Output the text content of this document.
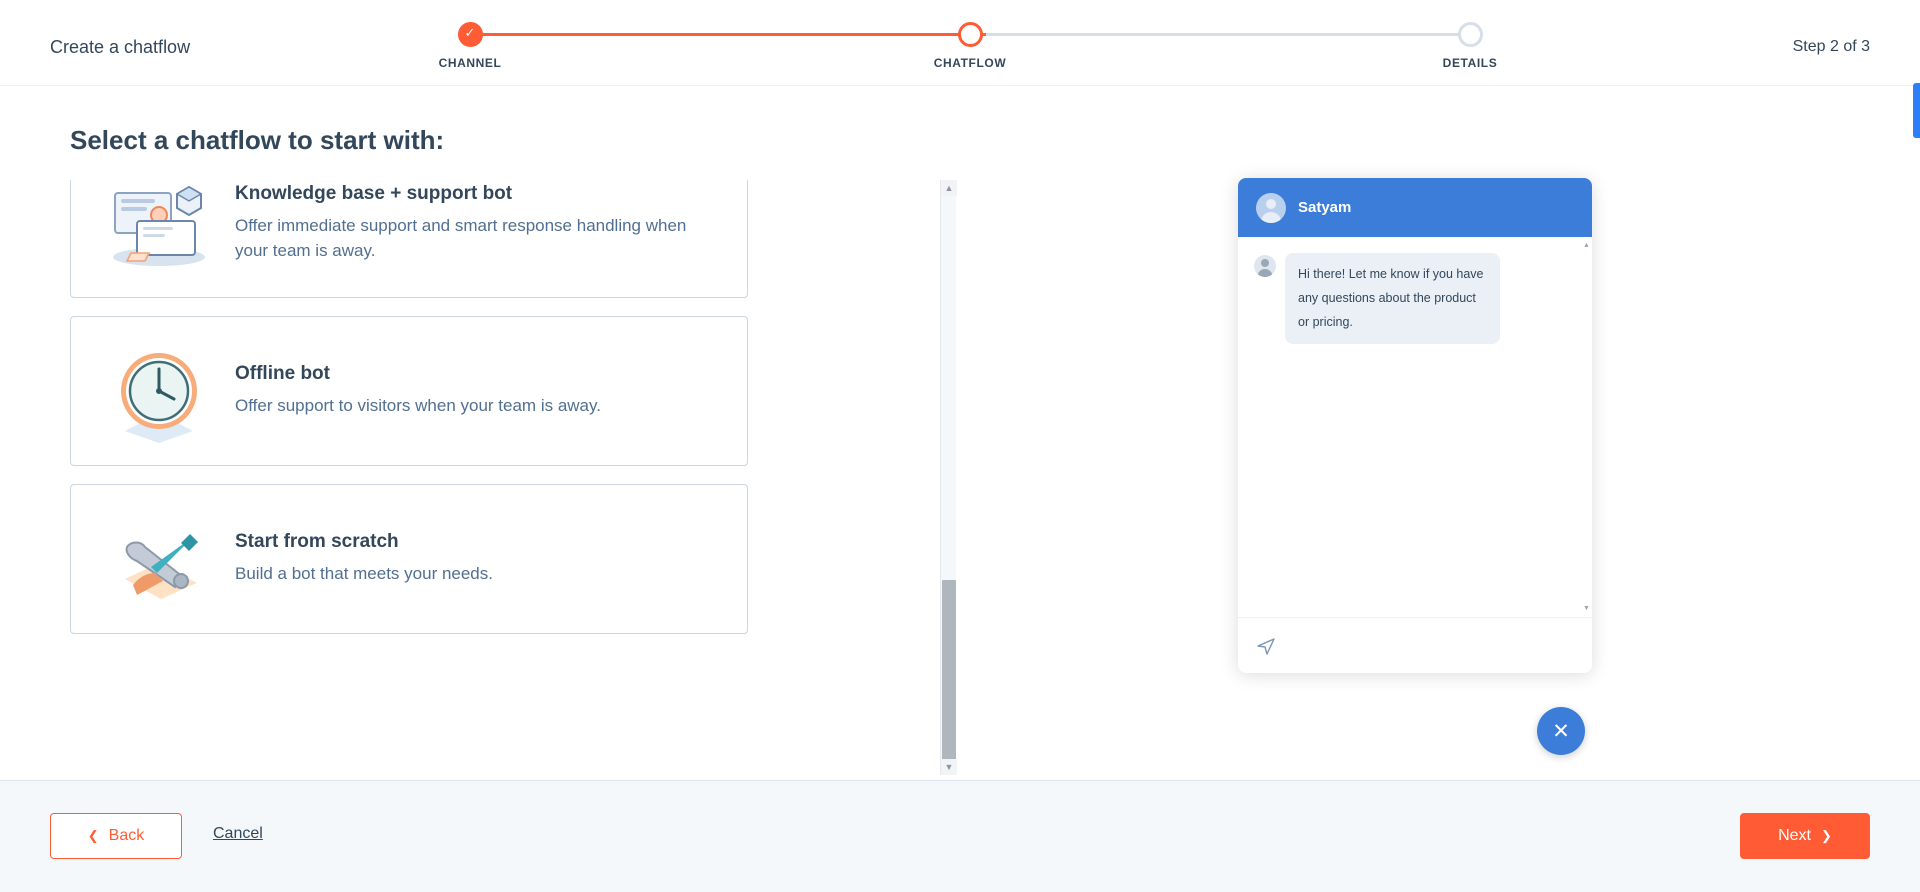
Create a chatflow
✓
CHANNEL	CHATFLOW	DETAILS
Step 2 of 3
Select a chatflow to start with:
Knowledge base + support bot
Offer immediate support and smart response handling when your team is away.
Offline bot
Offer support to visitors when your team is away.
Start from scratch
Build a bot that meets your needs.
▲
▼
Satyam
Hi there! Let me know if you have any questions about the product or pricing.
▲
▼
✕
❮ Back	Cancel	Next ❯
